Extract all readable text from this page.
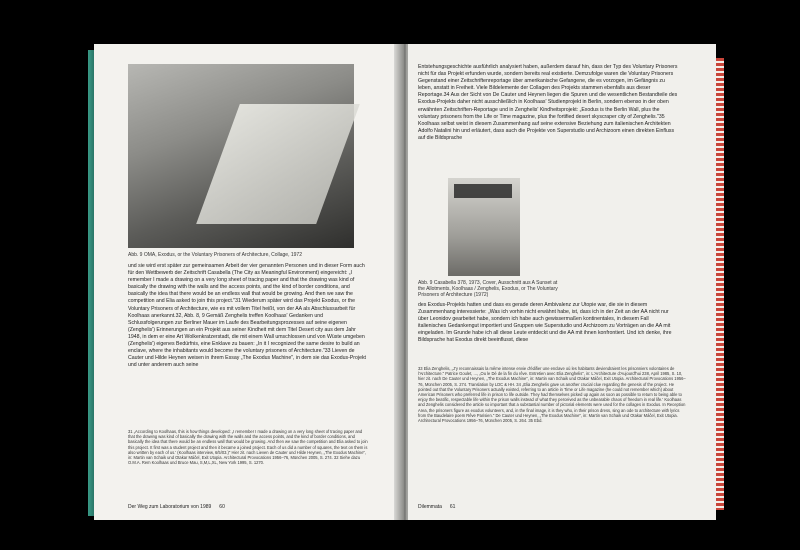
Abb. 9 OMA, Exodus, or the Voluntary Prisoners of Architecture, Collage, 1972
und sie wird erst später zur gemeinsamen Arbeit der vier genannten Personen und in dieser Form auch für den Wettbewerb der Zeitschrift Casabella (The City as Meaningful Environment) eingereicht: „I remember I made a drawing on a very long sheet of tracing paper and that the drawing was kind of basically the drawing with the walls and the access points, and the kind of border conditions, and basically the idea that there would be an endless wall that would be growing. And then we saw the competition and Elia asked to join this project."31 Wiederum später wird das Projekt Exodus, or the Voluntary Prisoners of Architecture, wie es mit vollem Titel heißt, von der AA als Abschlussarbeit für Koolhaas anerkannt.32, Abb. 8, 9 Gemäß Zenghelis treffen Koolhaas' Gedanken und Schlussfolgerungen zur Berliner Mauer im Laufe des Bearbeitungsprozesses auf seine eigenen (Zenghelis') Erinnerungen an ein Projekt aus seiner Kindheit mit dem Titel Desert city aus dem Jahr 1948, in dem er eine Art Wolkenkratzerstadt, die mit einem Wall umschlossen und von Wüste umgeben (Zenghelis') eigenes Bedürfnis, eine Enklave zu bauen: „In it I recognized the same desire to build an enclave, where the inhabitants would become the voluntary prisoners of Architecture."33 Lieven de Cauter und Hilde Heynen weisen in ihrem Essay „The Exodus Machine", in dem sie das Exodus-Projekt und unter anderem auch seine
31 „According to Koolhaas, this is how things developed: „I remember I made a drawing on a very long sheet of tracing paper and that the drawing was kind of basically the drawing with the walls and the access points, and the kind of border conditions, and basically the idea that there would be an endless wall that would be growing. And then we saw the competition and Elia asked to join this project. It first was a student project and then it became a joined project. Each of us did a number of squares, the text on them is also written by each of us.' (Koolhaas interview, 6/5/03.)" Hier zit. nach Lieven de Cauter und Hilde Heynen, „The Exodus Machine", in: Martin van Schaik und Otakar Máčel, Exit Utopia. Architectural Provocations 1956–76, München 2005, S. 274. 32 Siehe dazu O.M.A. Rem Koolhaas und Bruce Mau, S,M,L,XL, New York 1995, S. 1270.
Der Weg zum Laboratorium von 1989 60
Entstehungsgeschichte ausführlich analysiert haben, außerdem darauf hin, dass der Typ des Voluntary Prisoners nicht für das Projekt erfunden wurde, sondern bereits real existierte. Demzufolge waren die Voluntary Prisoners Gegenstand einer Zeitschriftenreportage über amerikanische Gefangene, die es vorzogen, im Gefängnis zu leben, anstatt in Freiheit. Viele Bildelemente der Collagen des Projekts stammen ebenfalls aus dieser Reportage.34 Aus der Sicht von De Cauter und Heynen liegen die Spuren und die wesentlichen Bestandteile des Exodus-Projekts daher nicht ausschließlich in Koolhaas' Studienprojekt in Berlin, sondern ebenso in der oben erwähnten Zeitschriften-Reportage und in Zenghelis' Kindheitsprojekt: „Exodus is the Berlin Wall, plus the voluntary prisoners from the Life or Time magazine, plus the fortified desert skyscraper city of Zenghelis."35 Koolhaas selbst weist in diesem Zusammenhang auf seine extensive Beziehung zum italienischen Architekten Adolfo Natalini hin und erläutert, dass auch die Projekte von Superstudio und Archizoom einen direkten Einfluss auf die Bildsprache
Abb. 9 Casabella 378, 1973, Cover, Ausschnitt aus A Sunset at the Allotments, Koolhaas / Zenghelis, Exodus, or The Voluntary Prisoners of Architecture (1972)
des Exodus-Projekts hatten und dass es gerade deren Ambivalenz zur Utopie war, die sie in diesem Zusammenhang interessierte: „Was ich vorhin nicht erwähnt habe, ist, dass ich in der Zeit an der AA nicht nur über Leonidov gearbeitet habe, sondern ich habe auch gewissermaßen kontinentales, in diesem Fall italienisches Gedankengut importiert und Gruppen wie Superstudio und Archizoom zu Vorträgen an die AA mit eingeladen. Im Grunde habe ich all diese Leute entdeckt und die AA mit ihnen konfrontiert. Und ich denke, ihre Bildsprache hat Exodus direkt beeinflusst, diese
33 Elia Zenghelis, „J'y reconnaissais la même intense envie d'édifier une enclave où les habitants deviendraient les prisonniers volontaires de l'Architecture." Patrice Goulet, ..., „Ou le Dé de la fin du rêve. Entretien avec Elia Zenghelis", in: L'Architecture d'Aujourd'hui 238, April 1985, S. 10, hier zit. nach De Cauter und Heynen, „The Exodus Machine", in: Martin van Schaik und Otakar Máčel, Exit Utopia. Architectural Provocations 1956–76, München 2005, S. 274. Translation by LDC & HH. 34 „Elia Zenghelis gave us another crucial clue regarding the genesis of the project. He pointed out that the Voluntary Prisoners actually existed, referring to an article in Time or Life magazine (he could not remember which) about American Prisoners who preferred life in prison to life outside. They had themselves picked up again as soon as possible to return to being able to enjoy the beatific, respectable life within the prison walls instead of what they perceived as the unbearable chaos of freedom in real life.' Koolhaas and Zenghelis considered the article so important that a substantial number of pictorial elements were used for the collages in Exodus. In Reception Area, the prisoners figure as exodus volunteers, and, in the final image, it is they who, in their prison dress, sing an ode to architecture with lyrics from the Baudelaire poem Rêve Parisien." De Cauter und Heynen, „The Exodus Machine", in: Martin van Schaik und Otakar Máčel, Exit Utopia. Architectural Provocations 1956–76, München 2005, S. 264. 35 Ebd.
Dilemmata 61
